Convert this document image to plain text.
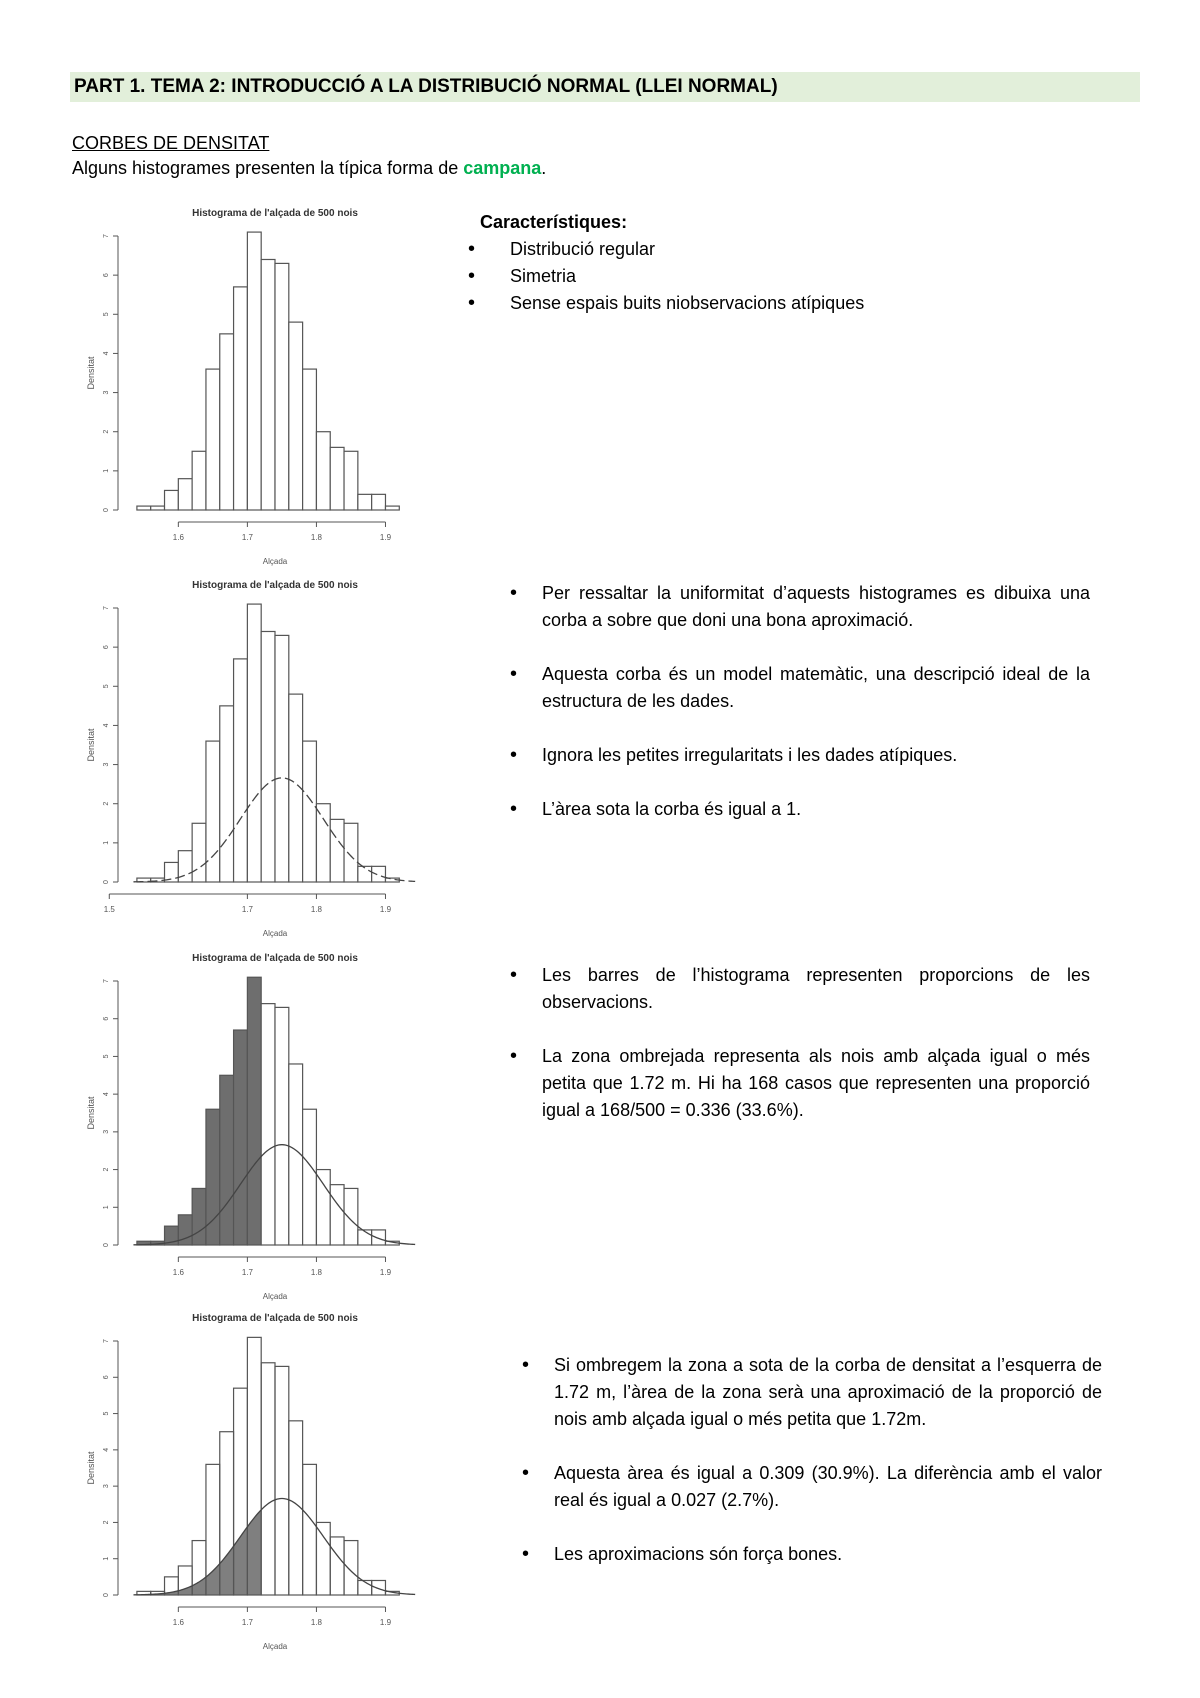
PART 1. TEMA 2: INTRODUCCIÓ A LA DISTRIBUCIÓ NORMAL (LLEI NORMAL)
CORBES DE DENSITAT
Alguns histogrames presenten la típica forma de campana.
Histograma de l'alçada de 500 nois
0
1
2
3
4
5
6
7
1.6	1.7	1.8	1.9
Alçada
Densitat
Característiques:
•	Distribució regular
•	Simetria
•	Sense espais buits niobservacions atípiques
Histograma de l'alçada de 500 nois
0
1
2
3
4
5
6
7
1.5	1.7	1.8	1.9
Alçada
Densitat
•	Per ressaltar la uniformitat d’aquests histogrames es dibuixa una corba a sobre que doni una bona aproximació.
•	Aquesta corba és un model matemàtic, una descripció ideal de la estructura de les dades.
•	Ignora les petites irregularitats i les dades atípiques.
•	L’àrea sota la corba és igual a 1.
Histograma de l'alçada de 500 nois
0
1
2
3
4
5
6
7
1.6	1.7	1.8	1.9
Alçada
Densitat
•	Les barres de l’histograma representen proporcions de les observacions.
•	La zona ombrejada representa als nois amb alçada igual o més petita que 1.72 m. Hi ha 168 casos que representen una proporció igual a 168/500 = 0.336 (33.6%).
Histograma de l'alçada de 500 nois
0
1
2
3
4
5
6
7
1.6	1.7	1.8	1.9
Alçada
Densitat
•	Si ombregem la zona a sota de la corba de densitat a l’esquerra de 1.72 m, l’àrea de la zona serà una aproximació de la proporció de nois amb alçada igual o més petita que 1.72m.
•	Aquesta àrea és igual a 0.309 (30.9%). La diferència amb el valor real és igual a 0.027 (2.7%).
•	Les aproximacions són força bones.
